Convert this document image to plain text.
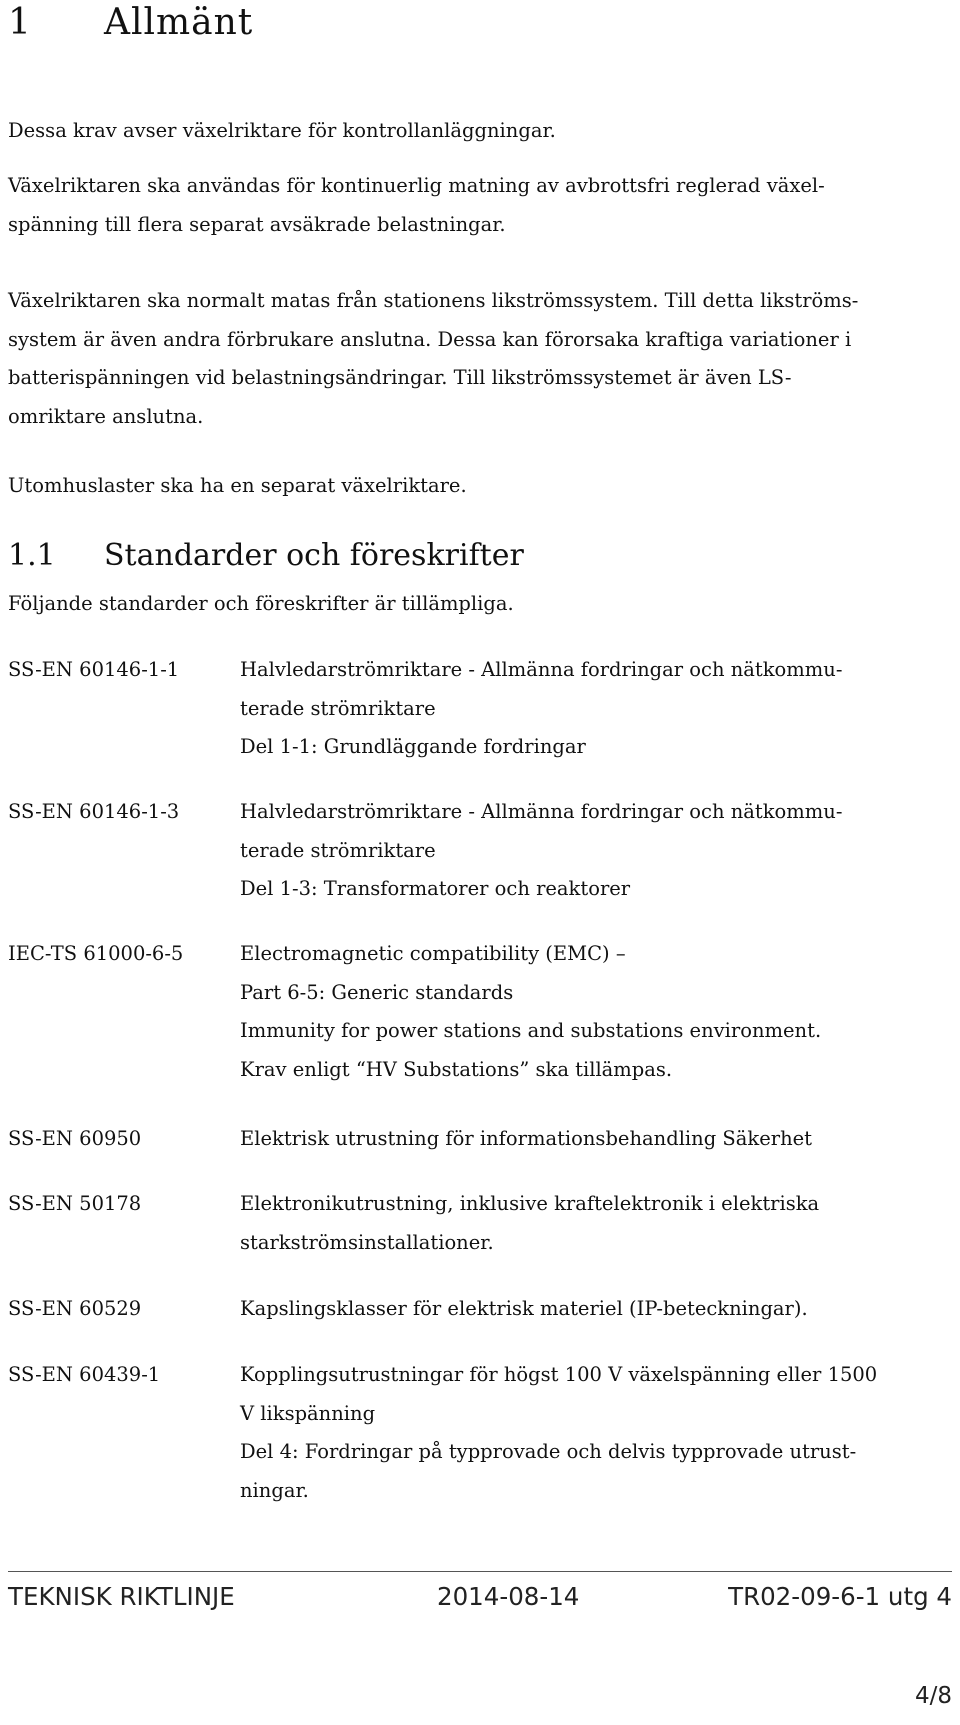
1 Allmänt
Dessa krav avser växelriktare för kontrollanläggningar.
Växelriktaren ska användas för kontinuerlig matning av avbrottsfri reglerad växel-
spänning till flera separat avsäkrade belastningar.
Växelriktaren ska normalt matas från stationens likströmssystem. Till detta likströms-
system är även andra förbrukare anslutna. Dessa kan förorsaka kraftiga variationer i
batterispänningen vid belastningsändringar. Till likströmssystemet är även LS-
omriktare anslutna.
Utomhuslaster ska ha en separat växelriktare.
1.1 Standarder och föreskrifter
Följande standarder och föreskrifter är tillämpliga.
SS-EN 60146-1-1	Halvledarströmriktare - Allmänna fordringar och nätkommu-
terade strömriktare
Del 1-1: Grundläggande fordringar
SS-EN 60146-1-3	Halvledarströmriktare - Allmänna fordringar och nätkommu-
terade strömriktare
Del 1-3: Transformatorer och reaktorer
IEC-TS 61000-6-5	Electromagnetic compatibility (EMC) –
Part 6-5: Generic standards
Immunity for power stations and substations environment.
Krav enligt “HV Substations” ska tillämpas.
SS-EN 60950	Elektrisk utrustning för informationsbehandling Säkerhet
SS-EN 50178	Elektronikutrustning, inklusive kraftelektronik i elektriska
starkströmsinstallationer.
SS-EN 60529	Kapslingsklasser för elektrisk materiel (IP-beteckningar).
SS-EN 60439-1	Kopplingsutrustningar för högst 100 V växelspänning eller 1500
V likspänning
Del 4: Fordringar på typprovade och delvis typprovade utrust-
ningar.
TEKNISK RIKTLINJE	2014-08-14	TR02-09-6-1 utg 4
4/8
